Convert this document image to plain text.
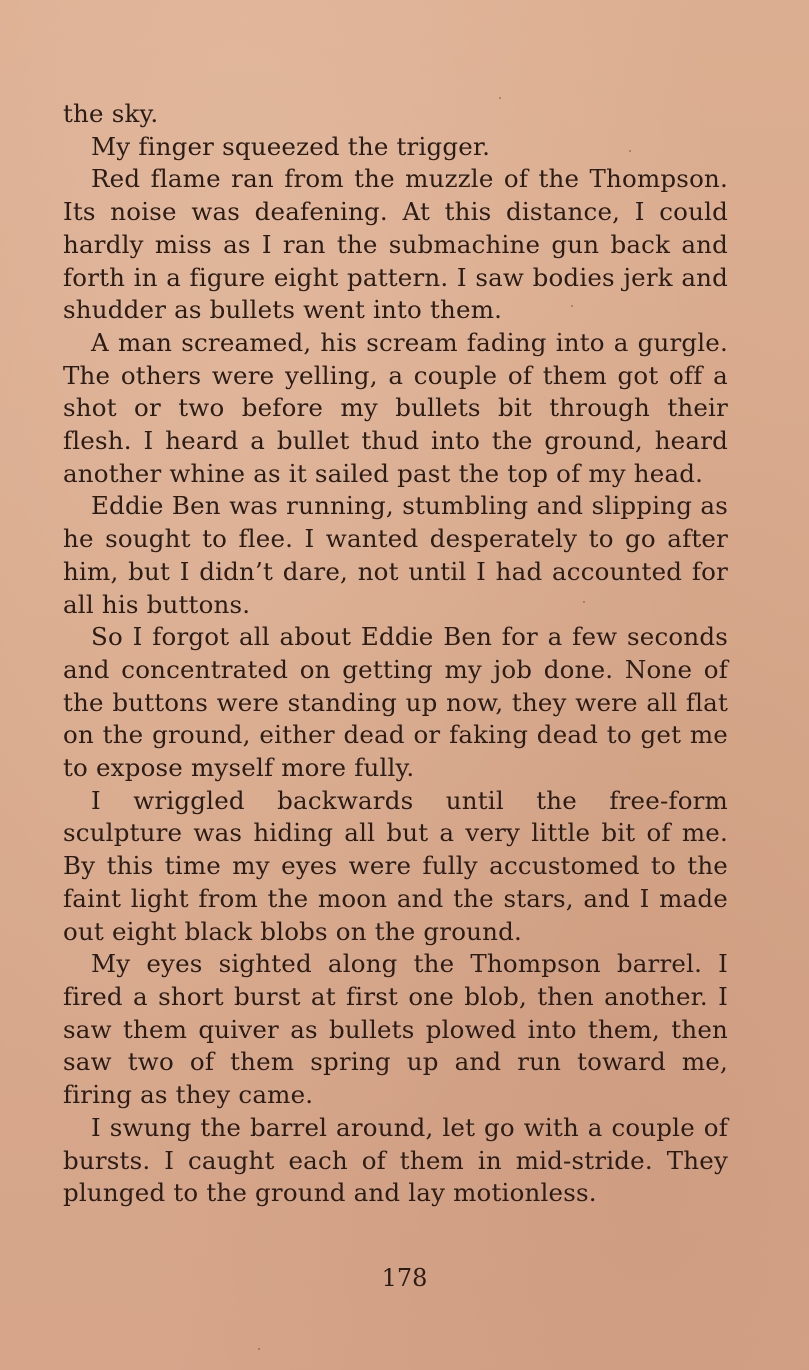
the sky.

My finger squeezed the trigger.

Red flame ran from the muzzle of the Thompson. Its noise was deafening. At this distance, I could hardly miss as I ran the submachine gun back and forth in a figure eight pattern. I saw bodies jerk and shudder as bullets went into them.

A man screamed, his scream fading into a gurgle. The others were yelling, a couple of them got off a shot or two before my bullets bit through their flesh. I heard a bullet thud into the ground, heard another whine as it sailed past the top of my head.

Eddie Ben was running, stumbling and slipping as he sought to flee. I wanted desperately to go after him, but I didn’t dare, not until I had accounted for all his buttons.

So I forgot all about Eddie Ben for a few seconds and concentrated on getting my job done. None of the buttons were standing up now, they were all flat on the ground, either dead or faking dead to get me to expose myself more fully.

I wriggled backwards until the free-form sculpture was hiding all but a very little bit of me. By this time my eyes were fully accustomed to the faint light from the moon and the stars, and I made out eight black blobs on the ground.

My eyes sighted along the Thompson barrel. I fired a short burst at first one blob, then another. I saw them quiver as bullets plowed into them, then saw two of them spring up and run toward me, firing as they came.

I swung the barrel around, let go with a couple of bursts. I caught each of them in mid-stride. They plunged to the ground and lay motionless.

178
